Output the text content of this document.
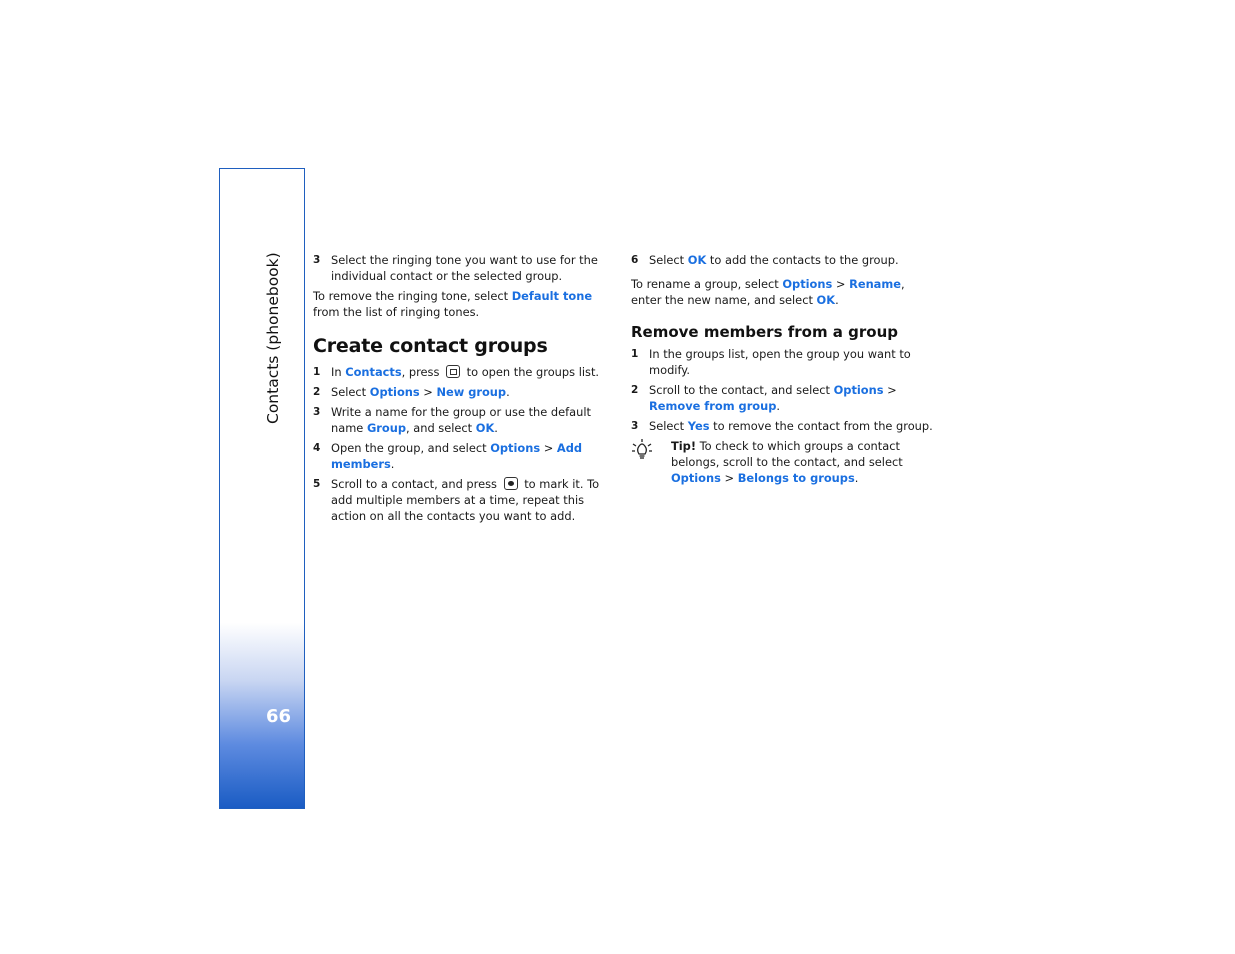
Contacts (phonebook)
66
3 Select the ringing tone you want to use for the individual contact or the selected group.

To remove the ringing tone, select Default tone from the list of ringing tones.

Create contact groups
1 In Contacts, press  to open the groups list.
2 Select Options > New group.
3 Write a name for the group or use the default name Group, and select OK.
4 Open the group, and select Options > Add members.
5 Scroll to a contact, and press  to mark it. To add multiple members at a time, repeat this action on all the contacts you want to add.
6 Select OK to add the contacts to the group.

To rename a group, select Options > Rename, enter the new name, and select OK.

Remove members from a group
1 In the groups list, open the group you want to modify.
2 Scroll to the contact, and select Options > Remove from group.
3 Select Yes to remove the contact from the group.
Tip! To check to which groups a contact belongs, scroll to the contact, and select Options > Belongs to groups.
